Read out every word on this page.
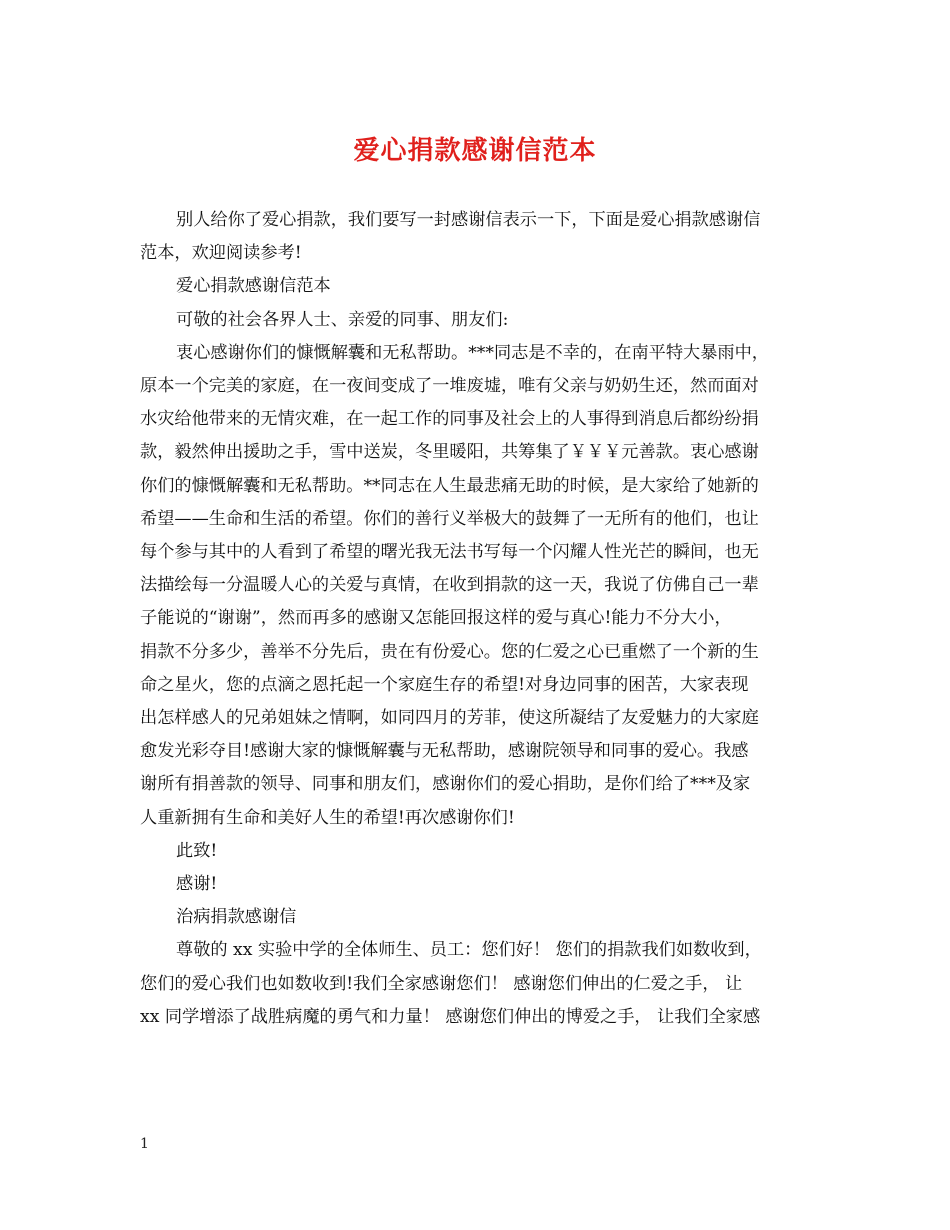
爱心捐款感谢信范本

别人给你了爱心捐款，我们要写一封感谢信表示一下，下面是爱心捐款感谢信
范本，欢迎阅读参考!

爱心捐款感谢信范本

可敬的社会各界人士、亲爱的同事、朋友们:

衷心感谢你们的慷慨解囊和无私帮助。***同志是不幸的，在南平特大暴雨中，
原本一个完美的家庭，在一夜间变成了一堆废墟，唯有父亲与奶奶生还，然而面对
水灾给他带来的无情灾难，在一起工作的同事及社会上的人事得到消息后都纷纷捐
款，毅然伸出援助之手，雪中送炭，冬里暖阳，共筹集了￥￥￥元善款。衷心感谢
你们的慷慨解囊和无私帮助。**同志在人生最悲痛无助的时候，是大家给了她新的
希望——生命和生活的希望。你们的善行义举极大的鼓舞了一无所有的他们，也让
每个参与其中的人看到了希望的曙光我无法书写每一个闪耀人性光芒的瞬间，也无
法描绘每一分温暖人心的关爱与真情，在收到捐款的这一天，我说了仿佛自己一辈
子能说的“谢谢”，然而再多的感谢又怎能回报这样的爱与真心!能力不分大小，
捐款不分多少，善举不分先后，贵在有份爱心。您的仁爱之心已重燃了一个新的生
命之星火，您的点滴之恩托起一个家庭生存的希望!对身边同事的困苦，大家表现
出怎样感人的兄弟姐妹之情啊，如同四月的芳菲，使这所凝结了友爱魅力的大家庭
愈发光彩夺目!感谢大家的慷慨解囊与无私帮助，感谢院领导和同事的爱心。我感
谢所有捐善款的领导、同事和朋友们，感谢你们的爱心捐助，是你们给了***及家
人重新拥有生命和美好人生的希望!再次感谢你们!

此致!

感谢!

治病捐款感谢信

尊敬的 xx 实验中学的全体师生、员工：您们好！ 您们的捐款我们如数收到，
您们的爱心我们也如数收到!我们全家感谢您们！ 感谢您们伸出的仁爱之手， 让
xx 同学增添了战胜病魔的勇气和力量！ 感谢您们伸出的博爱之手， 让我们全家感

1
